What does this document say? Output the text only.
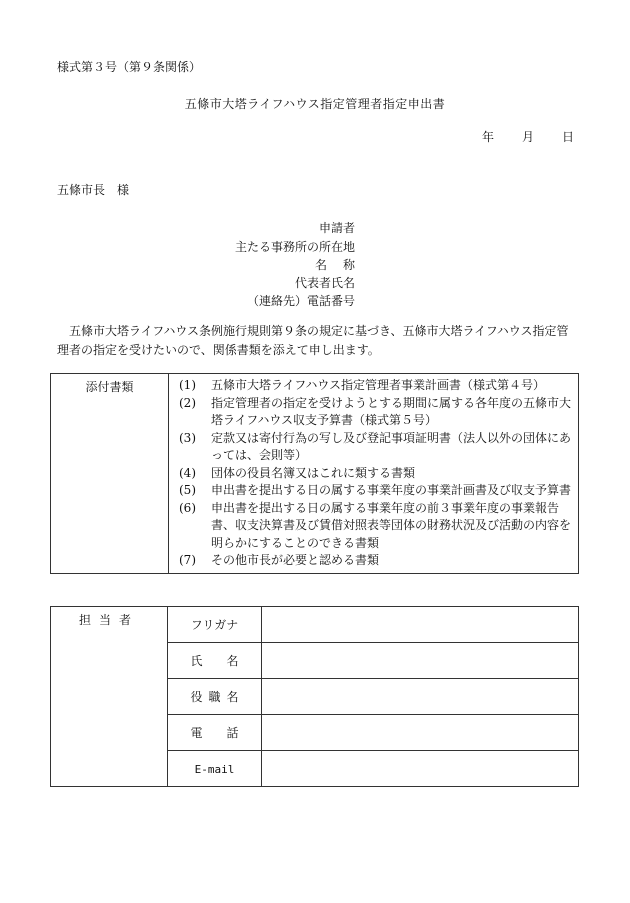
様式第３号（第９条関係）
五條市大塔ライフハウス指定管理者指定申出書
年 月 日
五條市長　様
申請者
主たる事務所の所在地
名称
代表者氏名
（連絡先）電話番号
五條市大塔ライフハウス条例施行規則第９条の規定に基づき、五條市大塔ライフハウス指定管理者の指定を受けたいので、関係書類を添えて申し出ます。
添付書類	(1)	五條市大塔ライフハウス指定管理者事業計画書（様式第４号）
(2)	指定管理者の指定を受けようとする期間に属する各年度の五條市大塔ライフハウス収支予算書（様式第５号）
(3)	定款又は寄付行為の写し及び登記事項証明書（法人以外の団体にあっては、会則等）
(4)	団体の役員名簿又はこれに類する書類
(5)	申出書を提出する日の属する事業年度の事業計画書及び収支予算書
(6)	申出書を提出する日の属する事業年度の前３事業年度の事業報告書、収支決算書及び賃借対照表等団体の財務状況及び活動の内容を明らかにすることのできる書類
(7)	その他市長が必要と認める書類
担当者	フリガナ	
	氏名	
	役職名	
	電話	
	E-mail	
